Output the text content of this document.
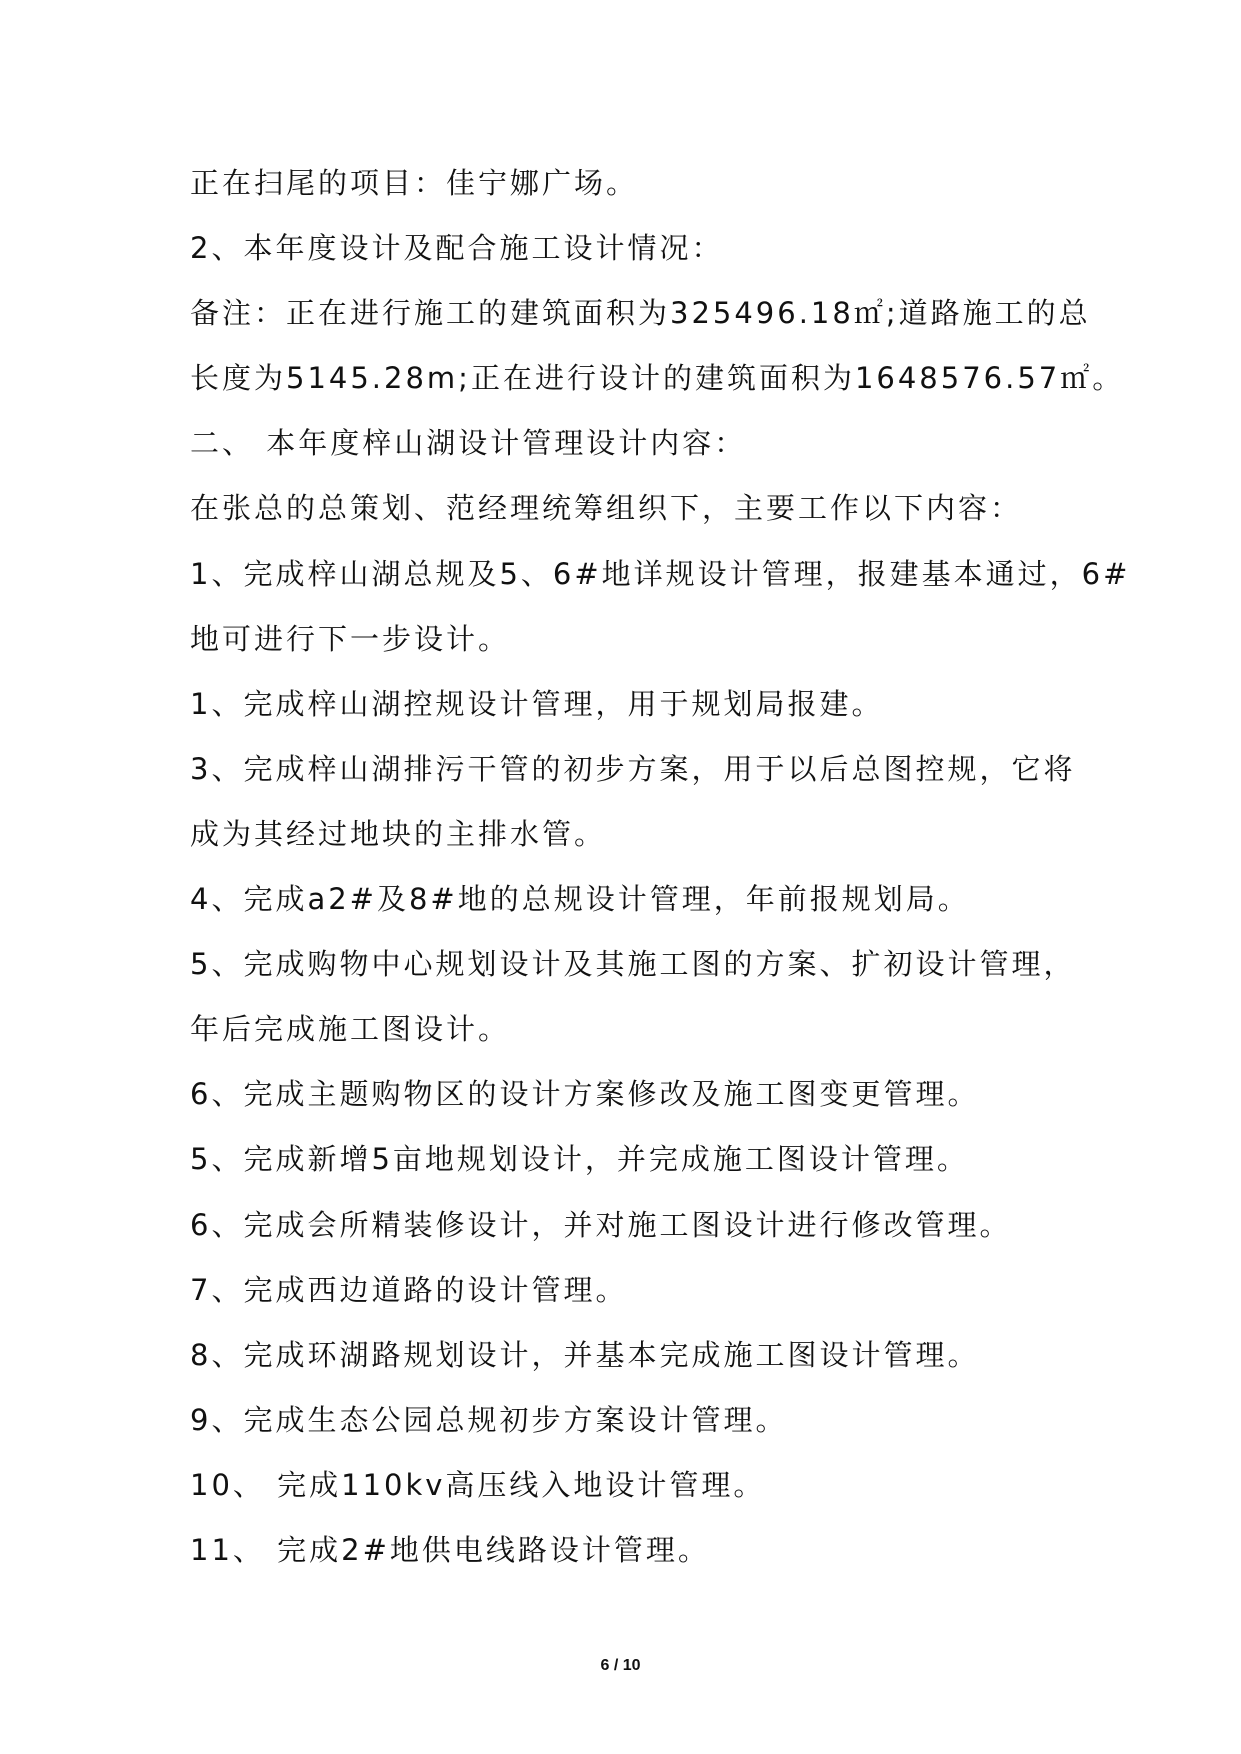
正在扫尾的项目：佳宁娜广场。
2、本年度设计及配合施工设计情况：
备注：正在进行施工的建筑面积为325496.18㎡;道路施工的总
长度为5145.28m;正在进行设计的建筑面积为1648576.57㎡。
二、 本年度梓山湖设计管理设计内容：
在张总的总策划、范经理统筹组织下，主要工作以下内容：
1、完成梓山湖总规及5、6#地详规设计管理，报建基本通过，6#
地可进行下一步设计。
1、完成梓山湖控规设计管理，用于规划局报建。
3、完成梓山湖排污干管的初步方案，用于以后总图控规，它将
成为其经过地块的主排水管。
4、完成a2#及8#地的总规设计管理，年前报规划局。
5、完成购物中心规划设计及其施工图的方案、扩初设计管理，
年后完成施工图设计。
6、完成主题购物区的设计方案修改及施工图变更管理。
5、完成新增5亩地规划设计，并完成施工图设计管理。
6、完成会所精装修设计，并对施工图设计进行修改管理。
7、完成西边道路的设计管理。
8、完成环湖路规划设计，并基本完成施工图设计管理。
9、完成生态公园总规初步方案设计管理。
10、 完成110kv高压线入地设计管理。
11、 完成2#地供电线路设计管理。
6 / 10
